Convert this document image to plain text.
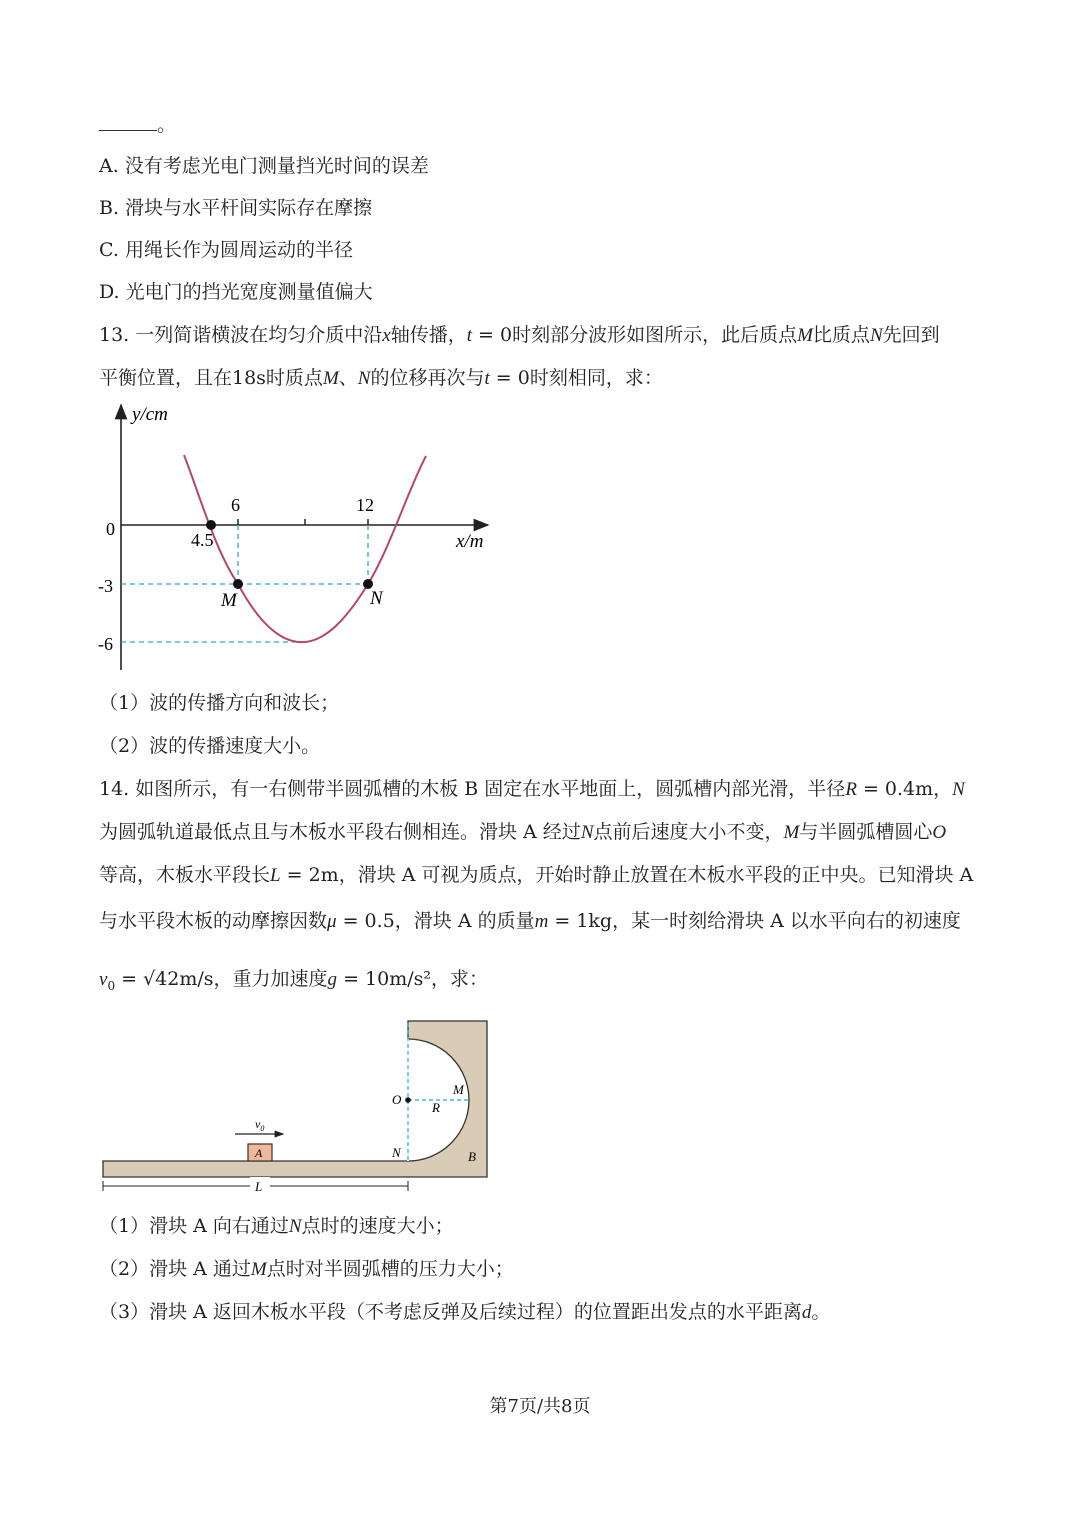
。
A. 没有考虑光电门测量挡光时间的误差
B. 滑块与水平杆间实际存在摩擦
C. 用绳长作为圆周运动的半径
D. 光电门的挡光宽度测量值偏大
13. 一列简谐横波在均匀介质中沿x轴传播，t = 0时刻部分波形如图所示，此后质点M比质点N先回到
平衡位置，且在18s时质点M、N的位移再次与t = 0时刻相同，求：
y/cm
x/m
0
6	12
4.5
-3
-6
M	N
（1）波的传播方向和波长；
（2）波的传播速度大小。
14. 如图所示，有一右侧带半圆弧槽的木板 B 固定在水平地面上，圆弧槽内部光滑，半径R = 0.4m，N
为圆弧轨道最低点且与木板水平段右侧相连。滑块 A 经过N点前后速度大小不变，M与半圆弧槽圆心O
等高，木板水平段长L = 2m，滑块 A 可视为质点，开始时静止放置在木板水平段的正中央。已知滑块 A
与水平段木板的动摩擦因数μ = 0.5，滑块 A 的质量m = 1kg，某一时刻给滑块 A 以水平向右的初速度
$v_0 = √42m/s$，重力加速度g = 10m/s²，求：
O
M
R
N	B
A
$v_0$
L
（1）滑块 A 向右通过N点时的速度大小；
（2）滑块 A 通过M点时对半圆弧槽的压力大小；
（3）滑块 A 返回木板水平段（不考虑反弹及后续过程）的位置距出发点的水平距离d。
第7页/共8页
